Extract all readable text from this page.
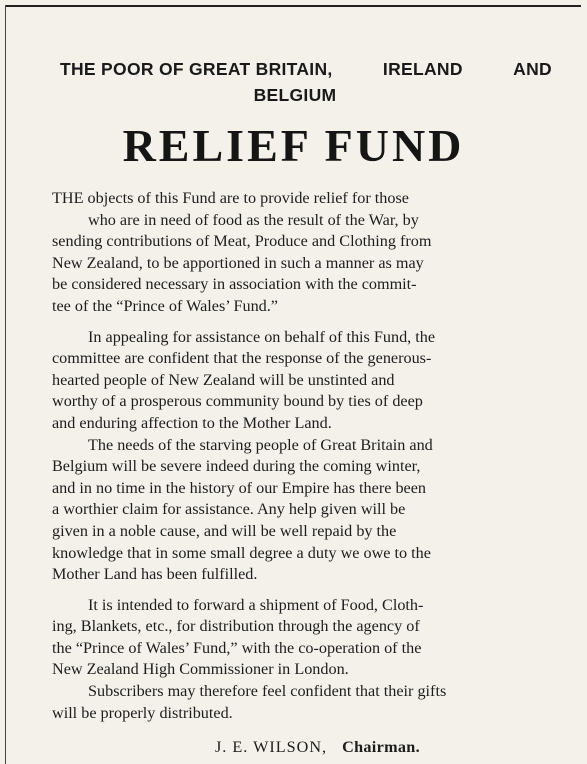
THE POOR OF GREAT BRITAIN,	IRELAND	AND
BELGIUM
RELIEF FUND
THE objects of this Fund are to provide relief for those
who are in need of food as the result of the War, by
sending contributions of Meat, Produce and Clothing from
New Zealand, to be apportioned in such a manner as may
be considered necessary in association with the commit-
tee of the “Prince of Wales’ Fund.”
In appealing for assistance on behalf of this Fund, the
committee are confident that the response of the generous-
hearted people of New Zealand will be unstinted and
worthy of a prosperous community bound by ties of deep
and enduring affection to the Mother Land.
The needs of the starving people of Great Britain and
Belgium will be severe indeed during the coming winter,
and in no time in the history of our Empire has there been
a worthier claim for assistance. Any help given will be
given in a noble cause, and will be well repaid by the
knowledge that in some small degree a duty we owe to the
Mother Land has been fulfilled.
It is intended to forward a shipment of Food, Cloth-
ing, Blankets, etc., for distribution through the agency of
the “Prince of Wales’ Fund,” with the co-operation of the
New Zealand High Commissioner in London.
Subscribers may therefore feel confident that their gifts
will be properly distributed.
J. E. WILSON, Chairman.
